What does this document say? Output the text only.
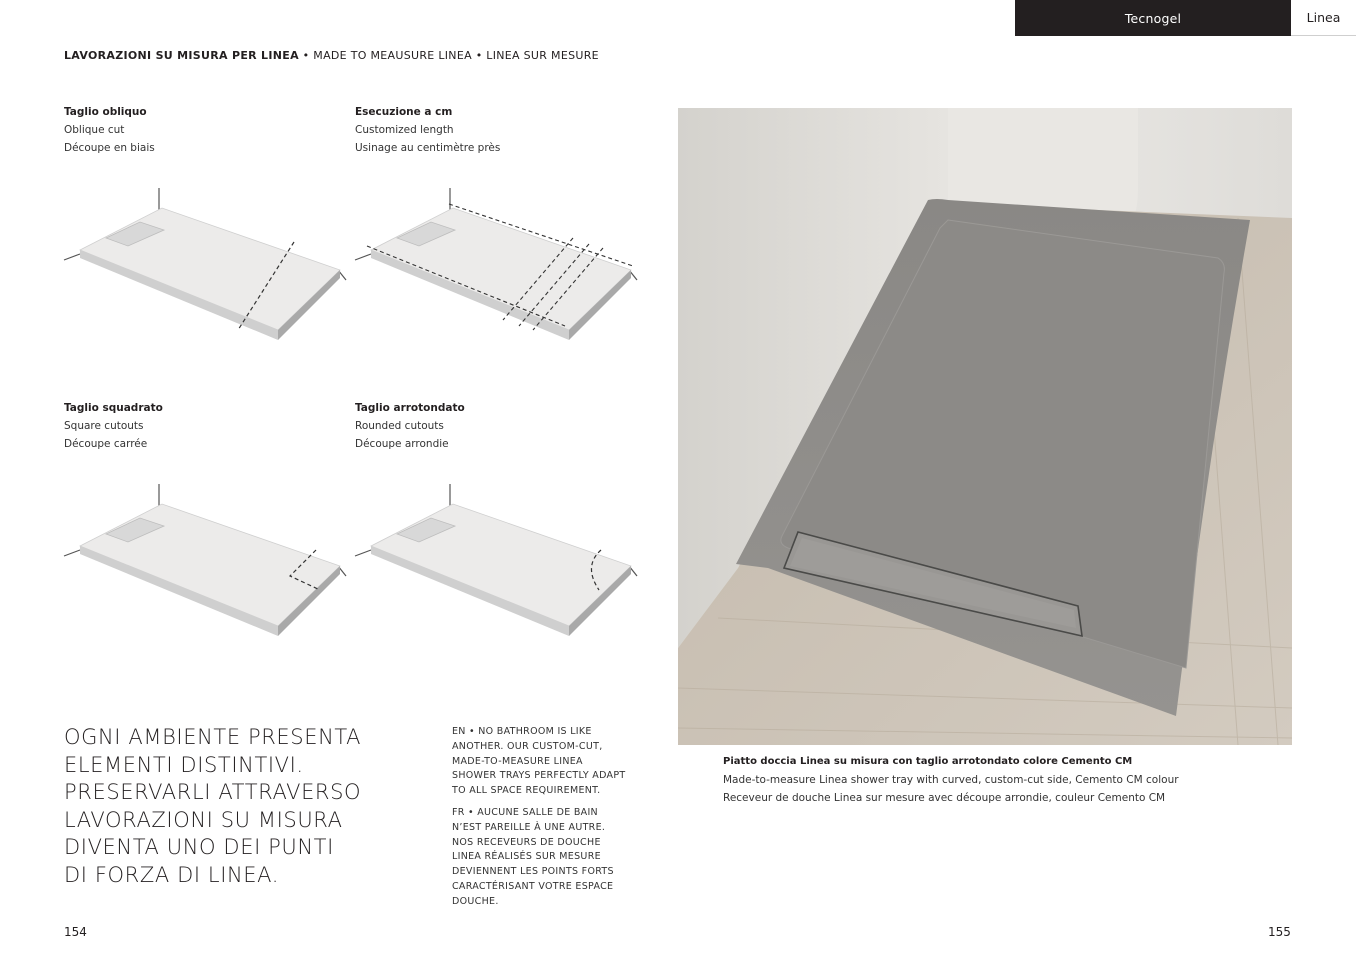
Tecnogel	Linea
LAVORAZIONI SU MISURA PER LINEA • MADE TO MEAUSURE LINEA • LINEA SUR MESURE
Taglio obliquo
Oblique cut
Découpe en biais
Esecuzione a cm
Customized length
Usinage au centimètre près
Taglio squadrato
Square cutouts
Découpe carrée
Taglio arrotondato
Rounded cutouts
Découpe arrondie
OGNI AMBIENTE PRESENTA
ELEMENTI DISTINTIVI.
PRESERVARLI ATTRAVERSO
LAVORAZIONI SU MISURA
DIVENTA UNO DEI PUNTI
DI FORZA DI LINEA.
EN • NO BATHROOM IS LIKE
ANOTHER. OUR CUSTOM-CUT,
MADE-TO-MEASURE LINEA
SHOWER TRAYS PERFECTLY ADAPT
TO ALL SPACE REQUIREMENT.
FR • AUCUNE SALLE DE BAIN
N’EST PAREILLE À UNE AUTRE.
NOS RECEVEURS DE DOUCHE
LINEA RÉALISÉS SUR MESURE
DEVIENNENT LES POINTS FORTS
CARACTÉRISANT VOTRE ESPACE
DOUCHE.
Piatto doccia Linea su misura con taglio arrotondato colore Cemento CM
Made-to-measure Linea shower tray with curved, custom-cut side, Cemento CM colour
Receveur de douche Linea sur mesure avec découpe arrondie, couleur Cemento CM
154	155
